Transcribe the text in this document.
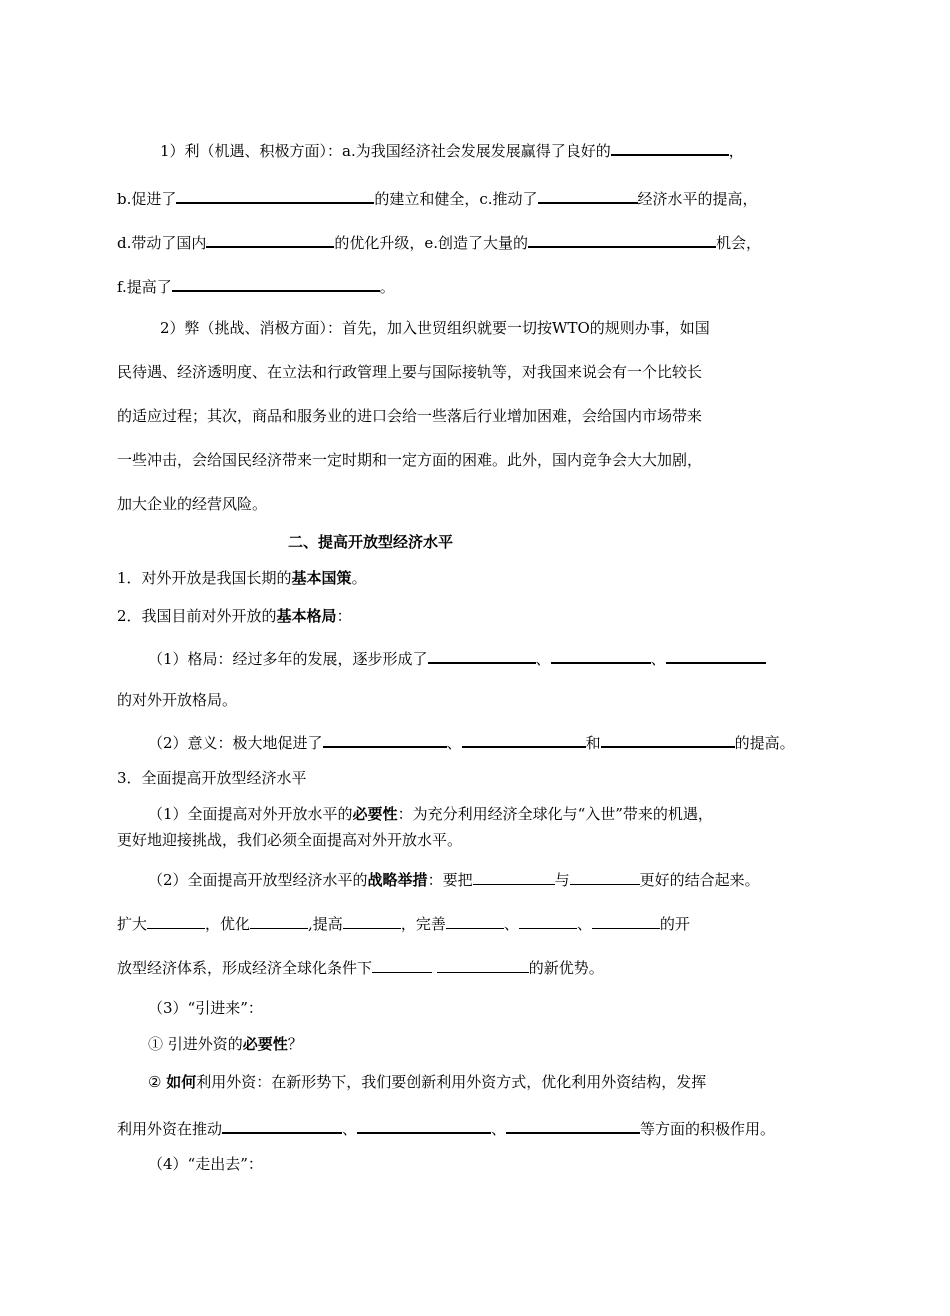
1）利（机遇、积极方面）：a.为我国经济社会发展发展赢得了良好的	，
b.促进了	的建立和健全，c.推动了	经济水平的提高，
d.带动了国内	的优化升级，e.创造了大量的	机会，
f.提高了	。
2）弊（挑战、消极方面）：首先，加入世贸组织就要一切按WTO的规则办事，如国
民待遇、经济透明度、在立法和行政管理上要与国际接轨等，对我国来说会有一个比较长
的适应过程；其次，商品和服务业的进口会给一些落后行业增加困难，会给国内市场带来
一些冲击，会给国民经济带来一定时期和一定方面的困难。此外，国内竞争会大大加剧，
加大企业的经营风险。
二、提高开放型经济水平
1．对外开放是我国长期的基本国策。
2．我国目前对外开放的基本格局：
（1）格局：经过多年的发展，逐步形成了	、	、
的对外开放格局。
（2）意义：极大地促进了	、	和	的提高。
3．全面提高开放型经济水平
（1）全面提高对外开放水平的必要性：为充分利用经济全球化与“入世”带来的机遇，
更好地迎接挑战，我们必须全面提高对外开放水平。
（2）全面提高开放型经济水平的战略举措：要把	与	更好的结合起来。
扩大	，优化	,提高	，完善	、	、	的开
放型经济体系，形成经济全球化条件下	的新优势。
（3）“引进来”：
① 引进外资的必要性？
② 如何利用外资：在新形势下，我们要创新利用外资方式，优化利用外资结构，发挥
利用外资在推动	、	、	等方面的积极作用。
（4）“走出去”：
